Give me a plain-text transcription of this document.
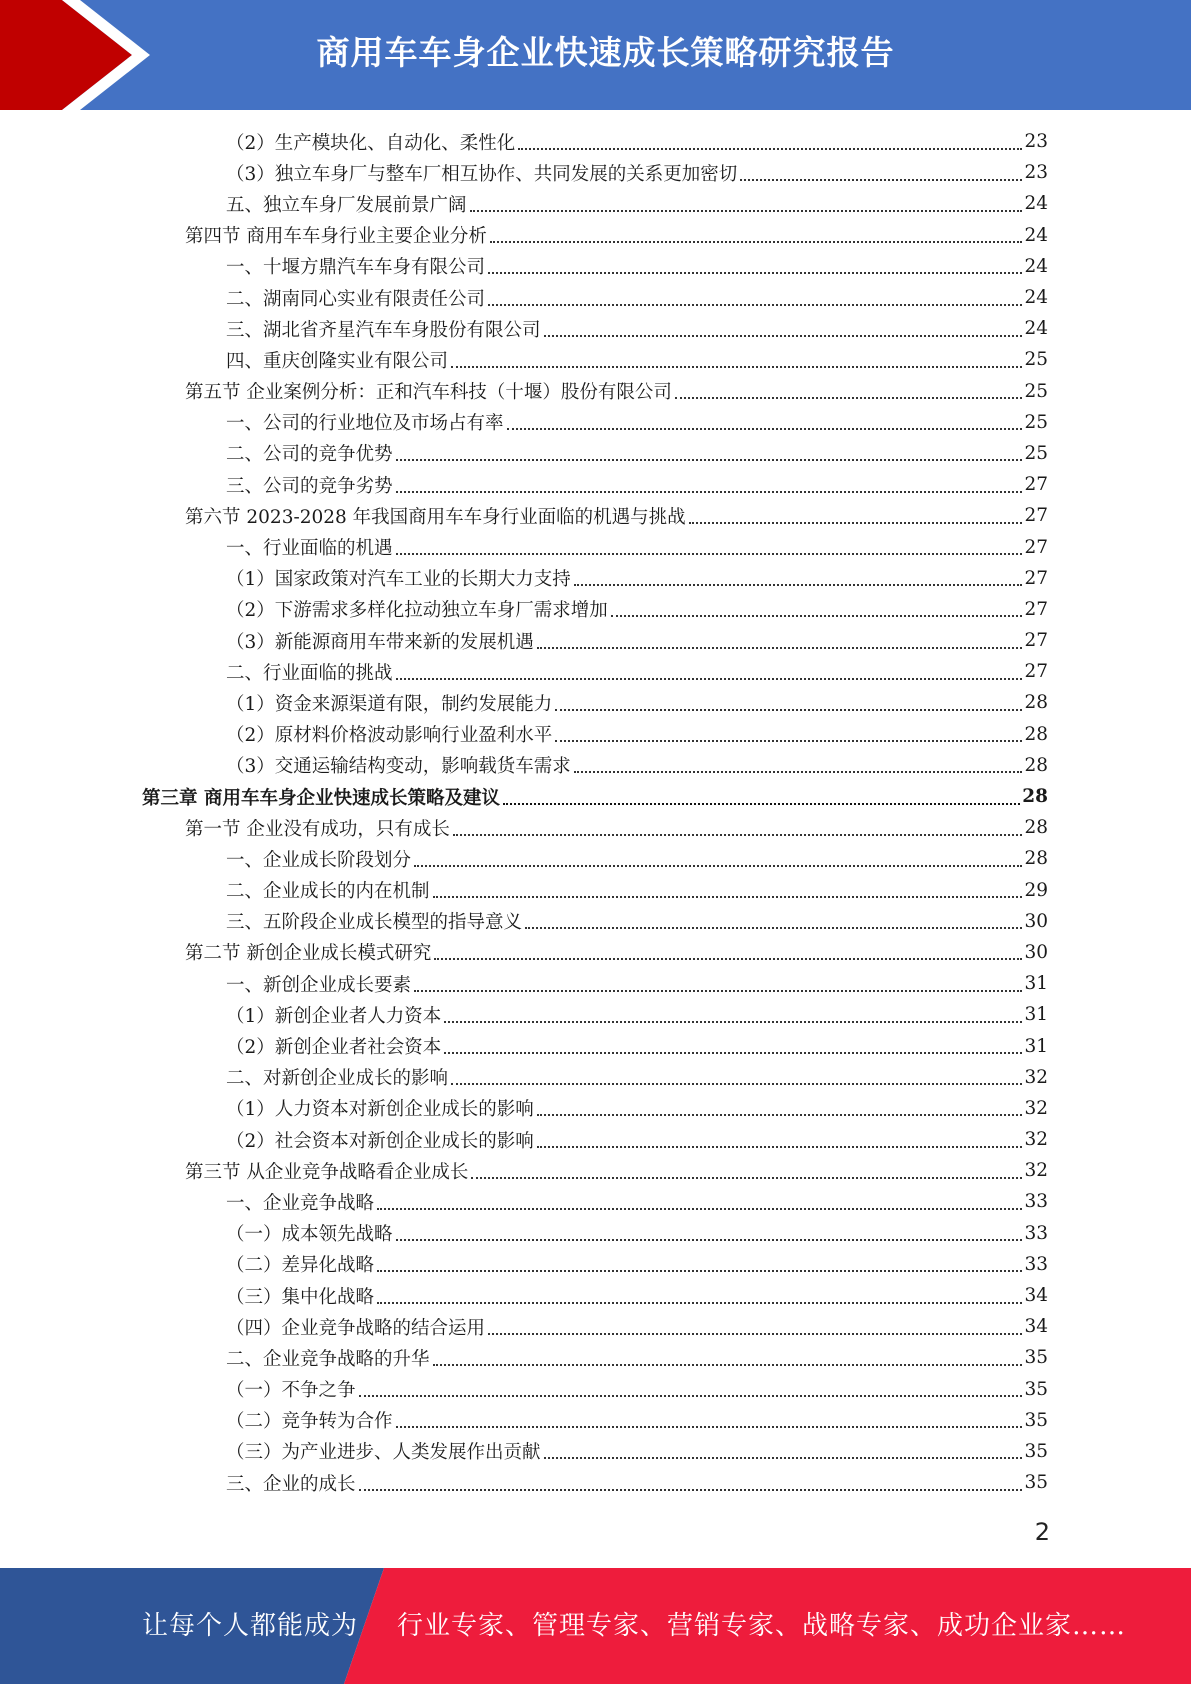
商用车车身企业快速成长策略研究报告
（2）生产模块化、自动化、柔性化	23
（3）独立车身厂与整车厂相互协作、共同发展的关系更加密切	23
五、独立车身厂发展前景广阔	24
第四节 商用车车身行业主要企业分析	24
一、十堰方鼎汽车车身有限公司	24
二、湖南同心实业有限责任公司	24
三、湖北省齐星汽车车身股份有限公司	24
四、重庆创隆实业有限公司	25
第五节 企业案例分析：正和汽车科技（十堰）股份有限公司	25
一、公司的行业地位及市场占有率	25
二、公司的竞争优势	25
三、公司的竞争劣势	27
第六节 2023-2028 年我国商用车车身行业面临的机遇与挑战	27
一、行业面临的机遇	27
（1）国家政策对汽车工业的长期大力支持	27
（2）下游需求多样化拉动独立车身厂需求增加	27
（3）新能源商用车带来新的发展机遇	27
二、行业面临的挑战	27
（1）资金来源渠道有限，制约发展能力	28
（2）原材料价格波动影响行业盈利水平	28
（3）交通运输结构变动，影响载货车需求	28
第三章 商用车车身企业快速成长策略及建议	28
第一节 企业没有成功，只有成长	28
一、企业成长阶段划分	28
二、企业成长的内在机制	29
三、五阶段企业成长模型的指导意义	30
第二节 新创企业成长模式研究	30
一、新创企业成长要素	31
（1）新创企业者人力资本	31
（2）新创企业者社会资本	31
二、对新创企业成长的影响	32
（1）人力资本对新创企业成长的影响	32
（2）社会资本对新创企业成长的影响	32
第三节 从企业竞争战略看企业成长	32
一、企业竞争战略	33
（一）成本领先战略	33
（二）差异化战略	33
（三）集中化战略	34
（四）企业竞争战略的结合运用	34
二、企业竞争战略的升华	35
（一）不争之争	35
（二）竞争转为合作	35
（三）为产业进步、人类发展作出贡献	35
三、企业的成长	35
2
让每个人都能成为 行业专家、管理专家、营销专家、战略专家、成功企业家……
